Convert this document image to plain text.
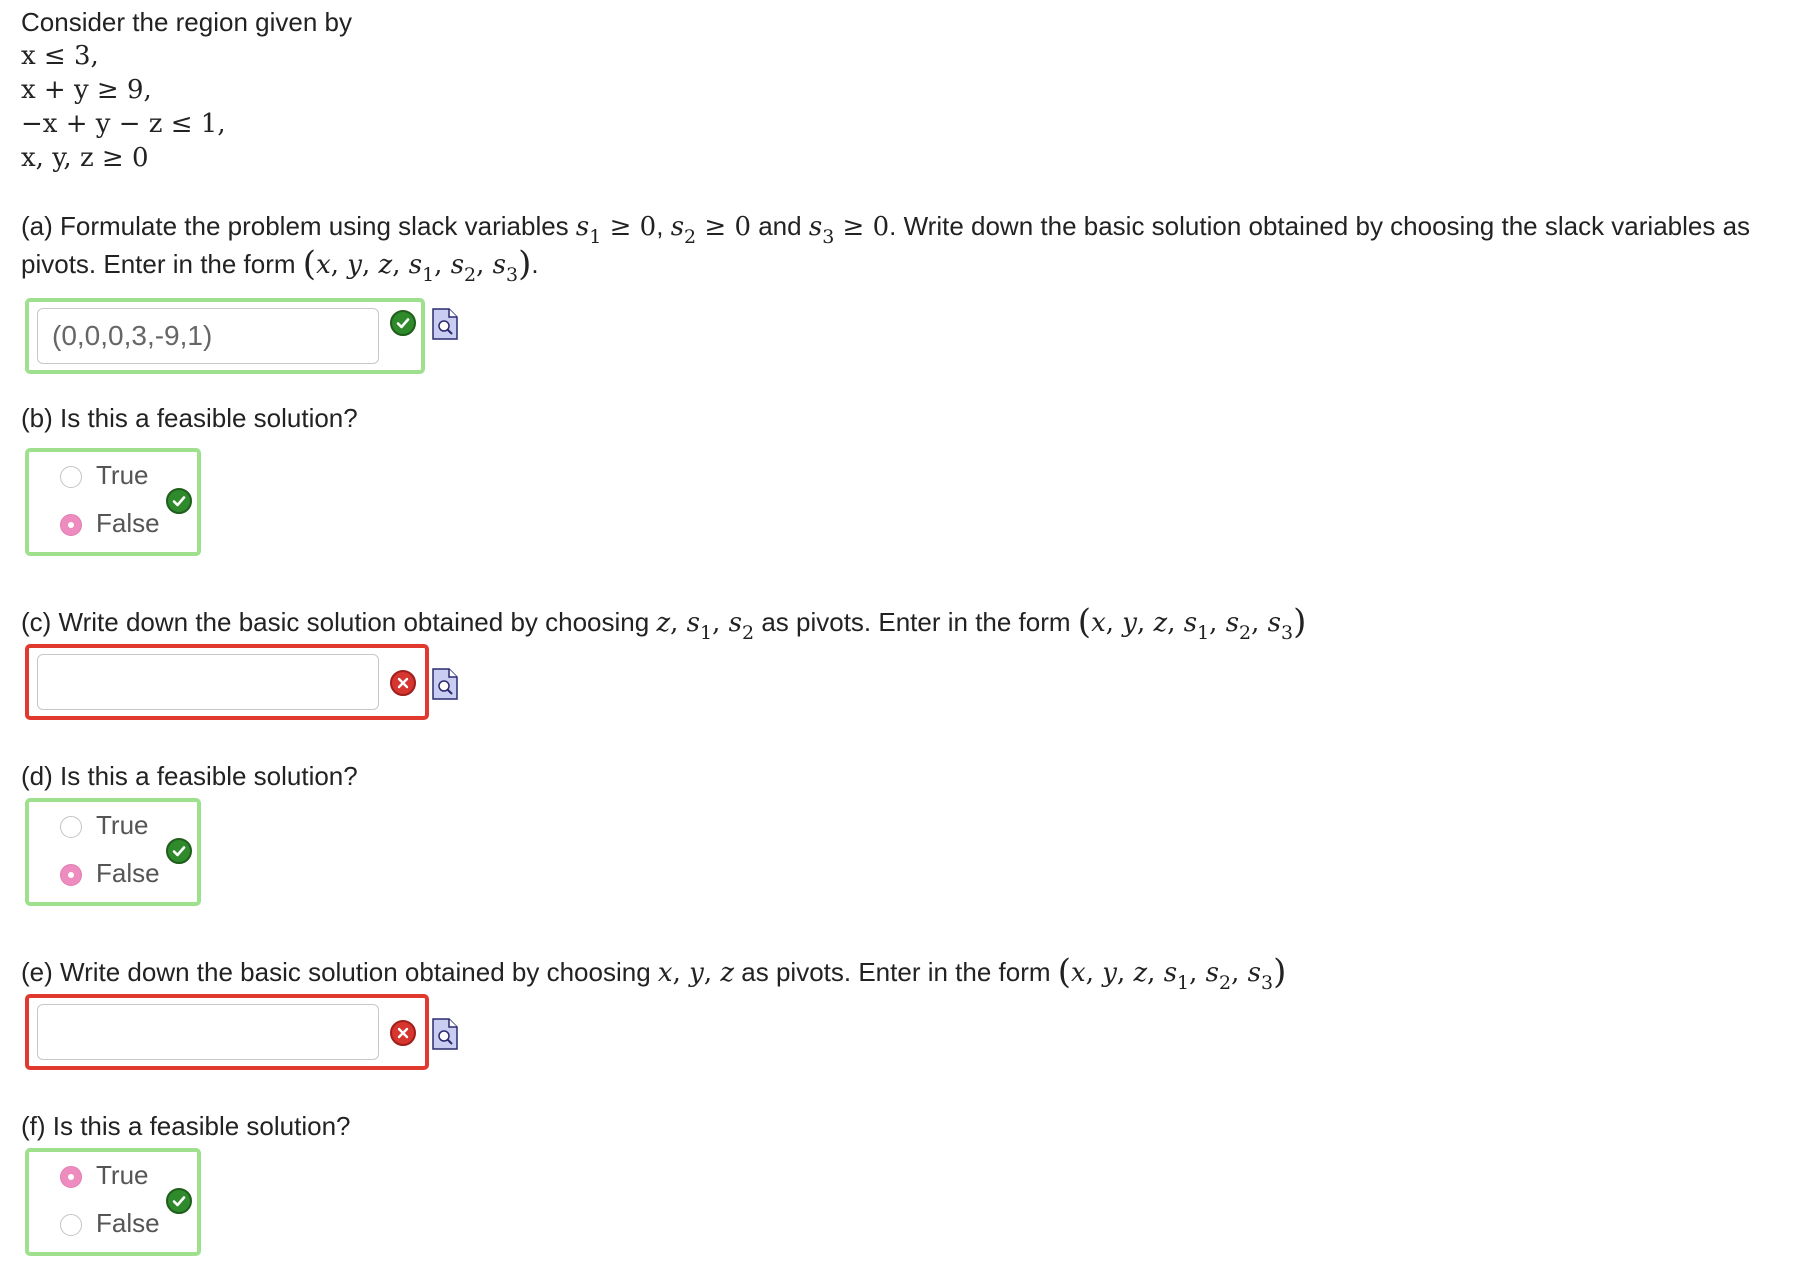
Consider the region given by
x ≤ 3,
x + y ≥ 9,
−x + y − z ≤ 1,
x, y, z ≥ 0
(a) Formulate the problem using slack variables $s_1 \ge 0$, $s_2 \ge 0$ and $s_3 \ge 0$. Write down the basic solution obtained by choosing the slack variables as
pivots. Enter in the form (x, y, z, $s_1$, $s_2$, $s_3$).
(0,0,0,3,-9,1)
(b) Is this a feasible solution?
True
False
(c) Write down the basic solution obtained by choosing z, $s_1$, $s_2$ as pivots. Enter in the form (x, y, z, $s_1$, $s_2$, $s_3$)
(d) Is this a feasible solution?
True
False
(e) Write down the basic solution obtained by choosing x, y, z as pivots. Enter in the form (x, y, z, $s_1$, $s_2$, $s_3$)
(f) Is this a feasible solution?
True
False
